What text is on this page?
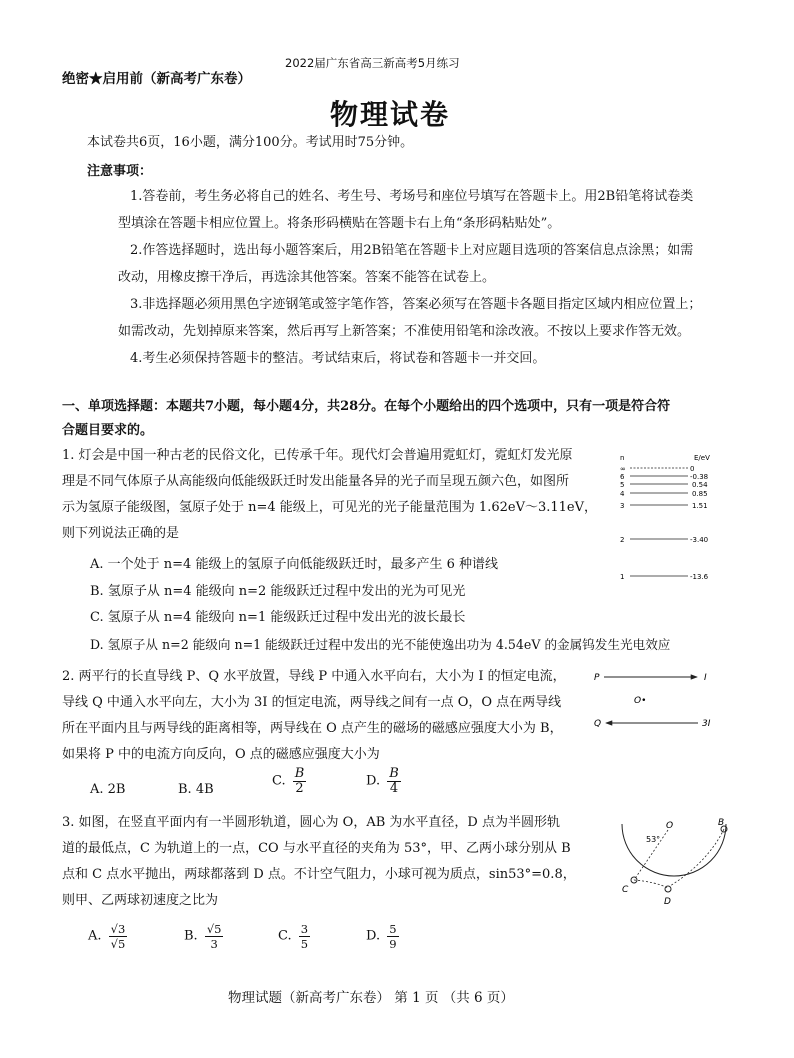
2022届广东省高三新高考5月练习
绝密★启用前（新高考广东卷）
物理试卷
本试卷共6页，16小题，满分100分。考试用时75分钟。
注意事项：
1.答卷前，考生务必将自己的姓名、考生号、考场号和座位号填写在答题卡上。用2B铅笔将试卷类
型填涂在答题卡相应位置上。将条形码横贴在答题卡右上角“条形码粘贴处”。
2.作答选择题时，选出每小题答案后，用2B铅笔在答题卡上对应题目选项的答案信息点涂黑；如需
改动，用橡皮擦干净后，再选涂其他答案。答案不能答在试卷上。
3.非选择题必须用黑色字迹钢笔或签字笔作答，答案必须写在答题卡各题目指定区域内相应位置上；
如需改动，先划掉原来答案，然后再写上新答案；不准使用铅笔和涂改液。不按以上要求作答无效。
4.考生必须保持答题卡的整洁。考试结束后，将试卷和答题卡一并交回。
一、单项选择题：本题共7小题，每小题4分，共28分。在每个小题给出的四个选项中，只有一项是符合符
合题目要求的。
1. 灯会是中国一种古老的民俗文化，已传承千年。现代灯会普遍用霓虹灯，霓虹灯发光原
理是不同气体原子从高能级向低能级跃迁时发出能量各异的光子而呈现五颜六色，如图所
示为氢原子能级图，氢原子处于 n=4 能级上，可见光的光子能量范围为 1.62eV～3.11eV，
则下列说法正确的是
A. 一个处于 n=4 能级上的氢原子向低能级跃迁时，最多产生 6 种谱线
B. 氢原子从 n=4 能级向 n=2 能级跃迁过程中发出的光为可见光
C. 氢原子从 n=4 能级向 n=1 能级跃迁过程中发出光的波长最长
D. 氢原子从 n=2 能级向 n=1 能级跃迁过程中发出的光不能使逸出功为 4.54eV 的金属钨发生光电效应
n	E/eV
∞	0
6	-0.38
5	0.54
4	0.85
3	1.51
2	-3.40
1	-13.6
2. 两平行的长直导线 P、Q 水平放置，导线 P 中通入水平向右，大小为 I 的恒定电流，
导线 Q 中通入水平向左，大小为 3I 的恒定电流，两导线之间有一点 O，O 点在两导线
所在平面内且与两导线的距离相等，两导线在 O 点产生的磁场的磁感应强度大小为 B，
如果将 P 中的电流方向反向，O 点的磁感应强度大小为
A. 2B	B. 4B
C. $\frac{B}{2}$	D. $\frac{B}{4}$
P	I
O•
Q	3I
3. 如图，在竖直平面内有一半圆形轨道，圆心为 O，AB 为水平直径，D 点为半圆形轨
道的最低点，C 为轨道上的一点，CO 与水平直径的夹角为 53°，甲、乙两小球分别从 B
点和 C 点水平抛出，两球都落到 D 点。不计空气阻力，小球可视为质点，sin53°=0.8，
则甲、乙两球初速度之比为
A. $\frac{√3}{√5}$	B. $\frac{√5}{3}$	C. $\frac{3}{5}$	D. $\frac{5}{9}$
O	B
53°
C
D
物理试题（新高考广东卷） 第 1 页 （共 6 页）
